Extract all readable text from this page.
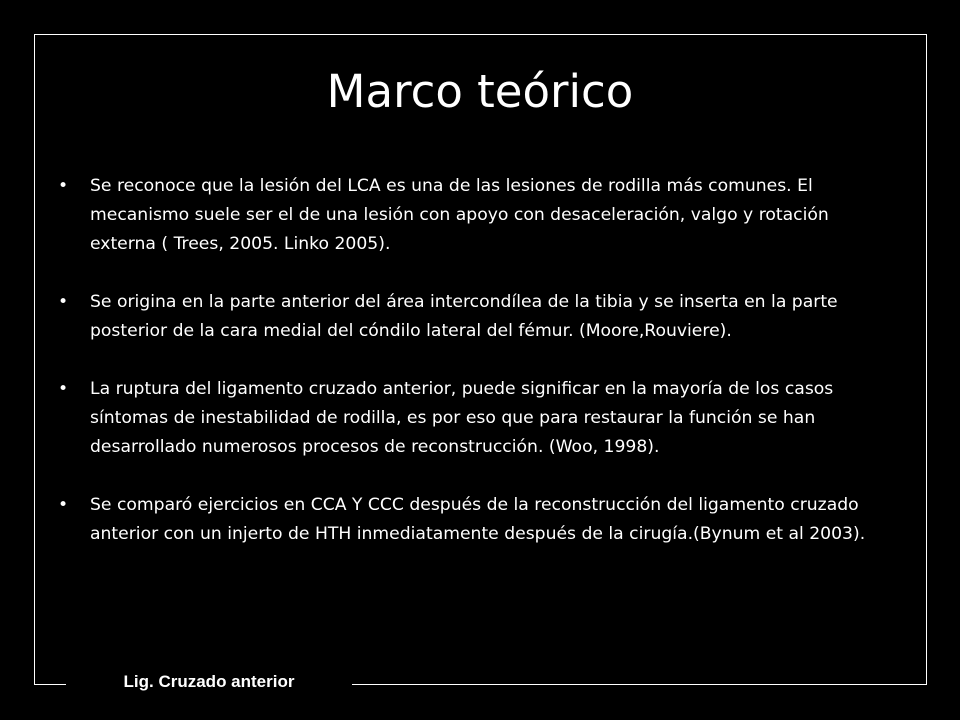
Marco teórico
•	Se reconoce que la lesión del LCA es una de las lesiones de rodilla más comunes. El mecanismo suele ser el de una lesión con apoyo con desaceleración, valgo y rotación externa ( Trees, 2005. Linko 2005).
•	Se origina en la parte anterior del área intercondílea de la tibia y se inserta en la parte posterior de la cara medial del cóndilo lateral del fémur. (Moore,Rouviere).
•	La ruptura del ligamento cruzado anterior, puede significar en la mayoría de los casos síntomas de inestabilidad de rodilla, es por eso que para restaurar la función se han desarrollado numerosos procesos de reconstrucción. (Woo, 1998).
•	Se comparó ejercicios en CCA Y CCC después de la reconstrucción del ligamento cruzado anterior con un injerto de HTH inmediatamente después de la cirugía.(Bynum et al 2003).
Lig. Cruzado anterior
